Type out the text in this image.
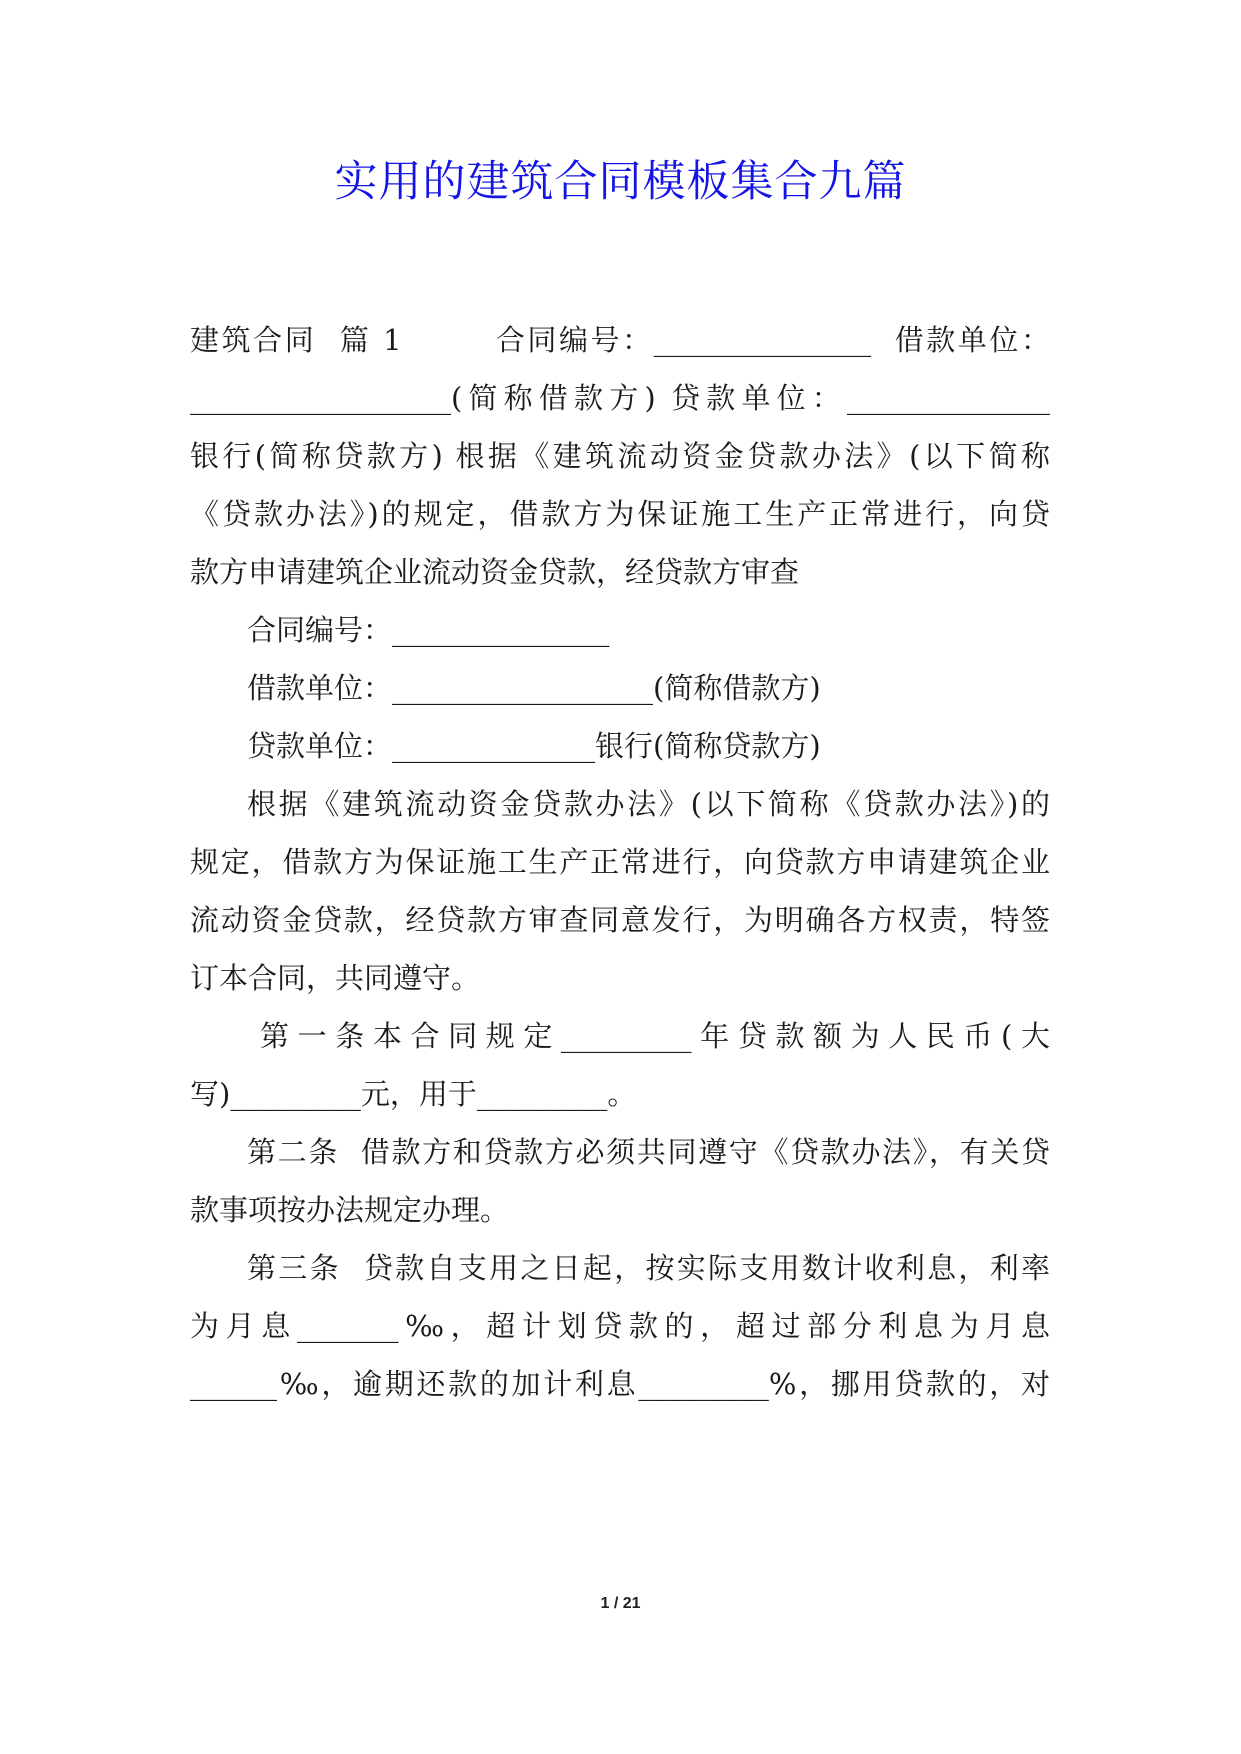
实用的建筑合同模板集合九篇
建筑合同  篇 1        合同编号：_______________  借款单位：
__________________(简称借款方) 贷款单位：______________
银行(简称贷款方) 根据《建筑流动资金贷款办法》(以下简称
《贷款办法》)的规定，借款方为保证施工生产正常进行，向贷
款方申请建筑企业流动资金贷款，经贷款方审查
合同编号：_______________
借款单位：__________________(简称借款方)
贷款单位：______________银行(简称贷款方)
根据《建筑流动资金贷款办法》(以下简称《贷款办法》)的
规定，借款方为保证施工生产正常进行，向贷款方申请建筑企业
流动资金贷款，经贷款方审查同意发行，为明确各方权责，特签
订本合同，共同遵守。
第一条本合同规定_________年贷款额为人民币(大
写)_________元，用于_________。
第二条  借款方和贷款方必须共同遵守《贷款办法》，有关贷
款事项按办法规定办理。
第三条  贷款自支用之日起，按实际支用数计收利息，利率
为月息_______‰，超计划贷款的，超过部分利息为月息
______‰，逾期还款的加计利息_________%，挪用贷款的，对
1 / 21
